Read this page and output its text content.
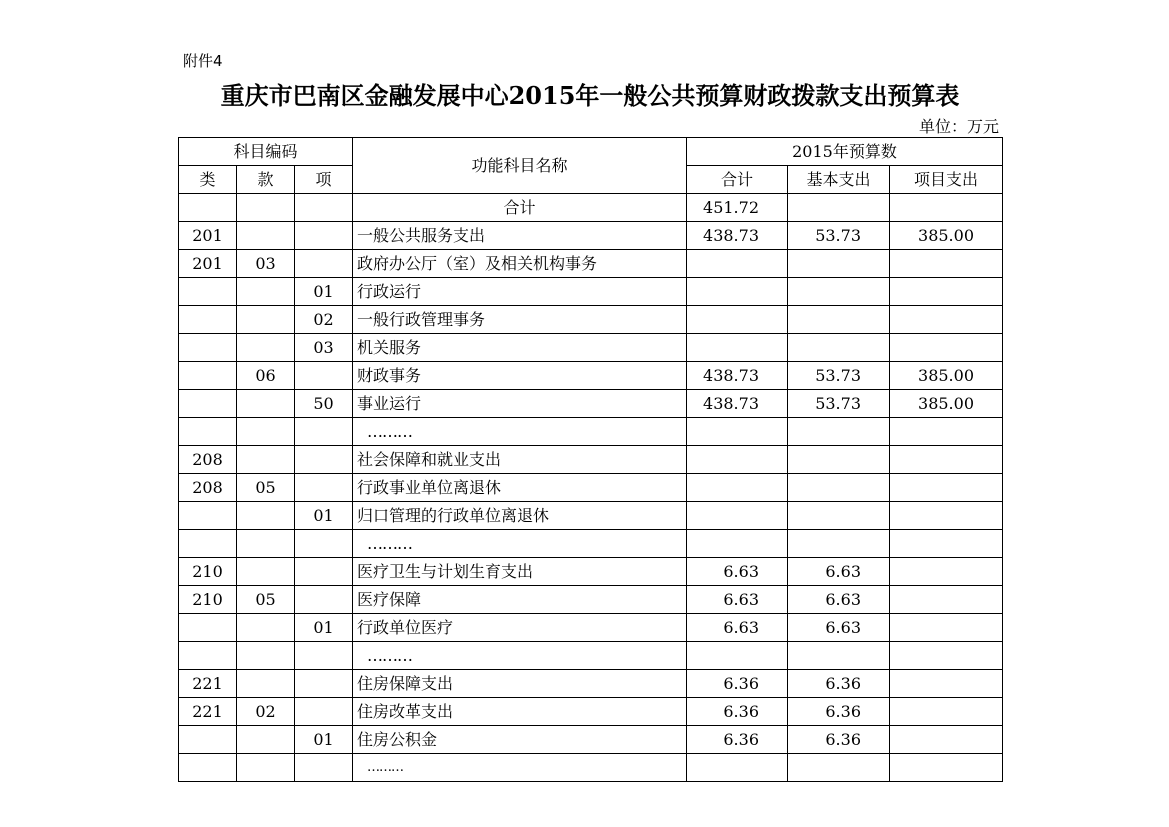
附件4
重庆市巴南区金融发展中心2015年一般公共预算财政拨款支出预算表
单位：万元
科目编码			功能科目名称	2015年预算数		
类	款	项		合计	基本支出	项目支出
			合计	451.72		
201			一般公共服务支出	438.73	53.73	385.00
201	03		政府办公厅（室）及相关机构事务			
		01	行政运行			
		02	一般行政管理事务			
		03	机关服务			
	06		财政事务	438.73	53.73	385.00
		50	事业运行	438.73	53.73	385.00
			………			
208			社会保障和就业支出			
208	05		行政事业单位离退休			
		01	归口管理的行政单位离退休			
			………			
210			医疗卫生与计划生育支出	6.63	6.63	
210	05		医疗保障	6.63	6.63	
		01	行政单位医疗	6.63	6.63	
			………			
221			住房保障支出	6.36	6.36	
221	02		住房改革支出	6.36	6.36	
		01	住房公积金	6.36	6.36	
			………			
